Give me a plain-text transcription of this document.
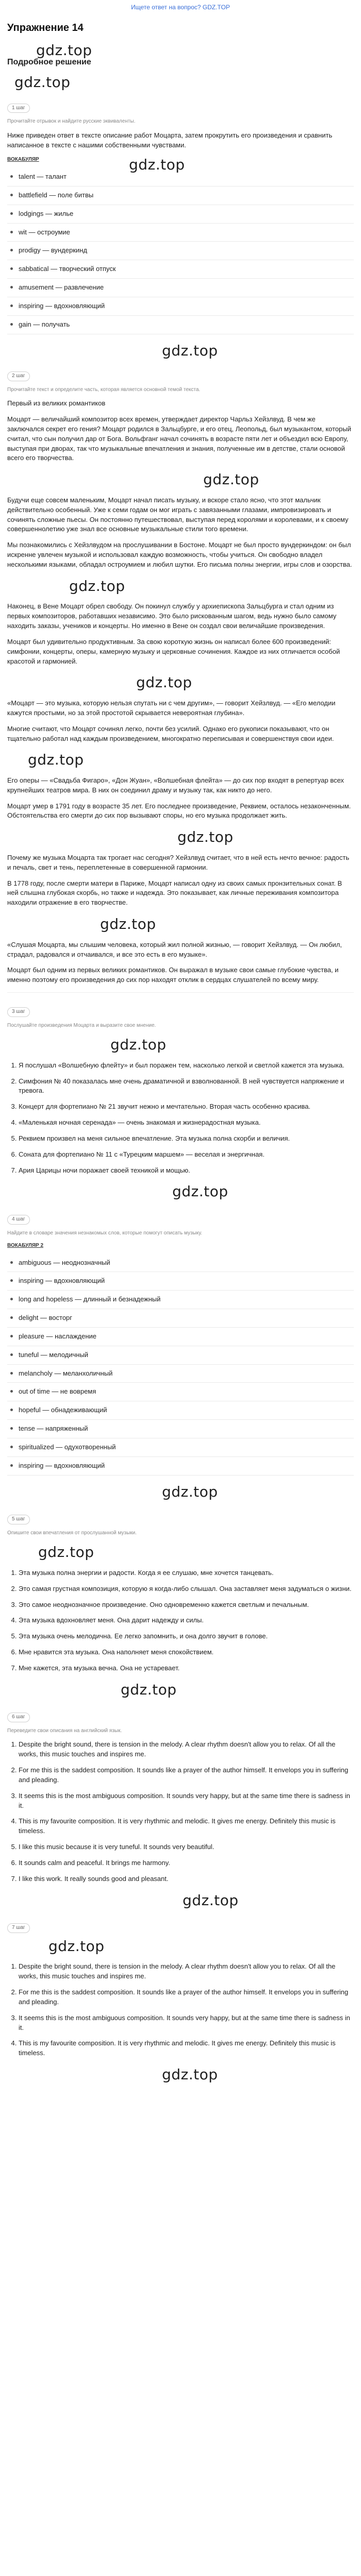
Ищете ответ на вопрос? GDZ.TOP
Упражнение 14
gdz.top
Подробное решение
gdz.top
1 шаг
Прочитайте отрывок и найдите русские эквиваленты.

Ниже приведен ответ в тексте описание работ Моцарта, затем прокрутить его произведения и сравнить написанное в тексте с нашими собственными чувствами.

ВОКАБУЛЯР	gdz.top
talent — талант
battlefield — поле битвы
lodgings — жилье
wit — остроумие
prodigy — вундеркинд
sabbatical — творческий отпуск
amusement — развлечение
inspiring — вдохновляющий
gain — получать
gdz.top
2 шаг
Прочитайте текст и определите часть, которая является основной темой текста.

Первый из великих романтиков

Моцарт — величайший композитор всех времен, утверждает директор Чарльз Хейзлвуд. В чем же заключался секрет его гения? Моцарт родился в Зальцбурге, и его отец, Леопольд, был музыкантом, который считал, что сын получил дар от Бога. Вольфганг начал сочинять в возрасте пяти лет и объездил всю Европу, выступая при дворах, так что музыкальные впечатления и знания, полученные им в детстве, стали основой всего его творчества.

gdz.top

Будучи еще совсем маленьким, Моцарт начал писать музыку, и вскоре стало ясно, что этот мальчик действительно особенный. Уже к семи годам он мог играть с завязанными глазами, импровизировать и сочинять сложные пьесы. Он постоянно путешествовал, выступая перед королями и королевами, и к своему совершеннолетию уже знал все основные музыкальные стили того времени.

Мы познакомились с Хейзлвудом на прослушивании в Бостоне. Моцарт не был просто вундеркиндом: он был искренне увлечен музыкой и использовал каждую возможность, чтобы учиться. Он свободно владел несколькими языками, обладал остроумием и любил шутки. Его письма полны энергии, игры слов и озорства.

gdz.top

Наконец, в Вене Моцарт обрел свободу. Он покинул службу у архиепископа Зальцбурга и стал одним из первых композиторов, работавших независимо. Это было рискованным шагом, ведь нужно было самому находить заказы, учеников и концерты. Но именно в Вене он создал свои величайшие произведения.

Моцарт был удивительно продуктивным. За свою короткую жизнь он написал более 600 произведений: симфонии, концерты, оперы, камерную музыку и церковные сочинения. Каждое из них отличается особой красотой и гармонией.

gdz.top

«Моцарт — это музыка, которую нельзя спутать ни с чем другим», — говорит Хейзлвуд. — «Его мелодии кажутся простыми, но за этой простотой скрывается невероятная глубина».

Многие считают, что Моцарт сочинял легко, почти без усилий. Однако его рукописи показывают, что он тщательно работал над каждым произведением, многократно переписывая и совершенствуя свои идеи.

gdz.top

Его оперы — «Свадьба Фигаро», «Дон Жуан», «Волшебная флейта» — до сих пор входят в репертуар всех крупнейших театров мира. В них он соединил драму и музыку так, как никто до него.

Моцарт умер в 1791 году в возрасте 35 лет. Его последнее произведение, Реквием, осталось незаконченным. Обстоятельства его смерти до сих пор вызывают споры, но его музыка продолжает жить.

gdz.top

Почему же музыка Моцарта так трогает нас сегодня? Хейзлвуд считает, что в ней есть нечто вечное: радость и печаль, свет и тень, переплетенные в совершенной гармонии.

В 1778 году, после смерти матери в Париже, Моцарт написал одну из своих самых пронзительных сонат. В ней слышна глубокая скорбь, но также и надежда. Это показывает, как личные переживания композитора находили отражение в его творчестве.

gdz.top

«Слушая Моцарта, мы слышим человека, который жил полной жизнью, — говорит Хейзлвуд. — Он любил, страдал, радовался и отчаивался, и все это есть в его музыке».

Моцарт был одним из первых великих романтиков. Он выражал в музыке свои самые глубокие чувства, и именно поэтому его произведения до сих пор находят отклик в сердцах слушателей по всему миру.

3 шаг
Послушайте произведения Моцарта и выразите свое мнение.
gdz.top
1. Я послушал «Волшебную флейту» и был поражен тем, насколько легкой и светлой кажется эта музыка.
2. Симфония № 40 показалась мне очень драматичной и взволнованной. В ней чувствуется напряжение и тревога.
3. Концерт для фортепиано № 21 звучит нежно и мечтательно. Вторая часть особенно красива.
4. «Маленькая ночная серенада» — очень знакомая и жизнерадостная музыка.
5. Реквием произвел на меня сильное впечатление. Эта музыка полна скорби и величия.
6. Соната для фортепиано № 11 с «Турецким маршем» — веселая и энергичная.
7. Ария Царицы ночи поражает своей техникой и мощью.
gdz.top
4 шаг
Найдите в словаре значения незнакомых слов, которые помогут описать музыку.
ВОКАБУЛЯР 2
ambiguous — неоднозначный
inspiring — вдохновляющий
long and hopeless — длинный и безнадежный
delight — восторг
pleasure — наслаждение
tuneful — мелодичный
melancholy — меланхоличный
out of time — не вовремя
hopeful — обнадеживающий
tense — напряженный
spiritualized — одухотворенный
inspiring — вдохновляющий
gdz.top
5 шаг
Опишите свои впечатления от прослушанной музыки.
gdz.top
1. Эта музыка полна энергии и радости. Когда я ее слушаю, мне хочется танцевать.
2. Это самая грустная композиция, которую я когда-либо слышал. Она заставляет меня задуматься о жизни.
3. Это самое неоднозначное произведение. Оно одновременно кажется светлым и печальным.
4. Эта музыка вдохновляет меня. Она дарит надежду и силы.
5. Эта музыка очень мелодична. Ее легко запомнить, и она долго звучит в голове.
6. Мне нравится эта музыка. Она наполняет меня спокойствием.
7. Мне кажется, эта музыка вечна. Она не устаревает.
gdz.top
6 шаг
Переведите свои описания на английский язык.
1. Despite the bright sound, there is tension in the melody. A clear rhythm doesn't allow you to relax. Of all the works, this music touches and inspires me.
2. For me this is the saddest composition. It sounds like a prayer of the author himself. It envelops you in suffering and pleading.
3. It seems this is the most ambiguous composition. It sounds very happy, but at the same time there is sadness in it.
4. This is my favourite composition. It is very rhythmic and melodic. It gives me energy. Definitely this music is timeless.
5. I like this music because it is very tuneful. It sounds very beautiful.
6. It sounds calm and peaceful. It brings me harmony.
7. I like this work. It really sounds good and pleasant.
gdz.top
7 шаг
gdz.top
1. Despite the bright sound, there is tension in the melody. A clear rhythm doesn't allow you to relax. Of all the works, this music touches and inspires me.
2. For me this is the saddest composition. It sounds like a prayer of the author himself. It envelops you in suffering and pleading.
3. It seems this is the most ambiguous composition. It sounds very happy, but at the same time there is sadness in it.
4. This is my favourite composition. It is very rhythmic and melodic. It gives me energy. Definitely this music is timeless.
gdz.top
